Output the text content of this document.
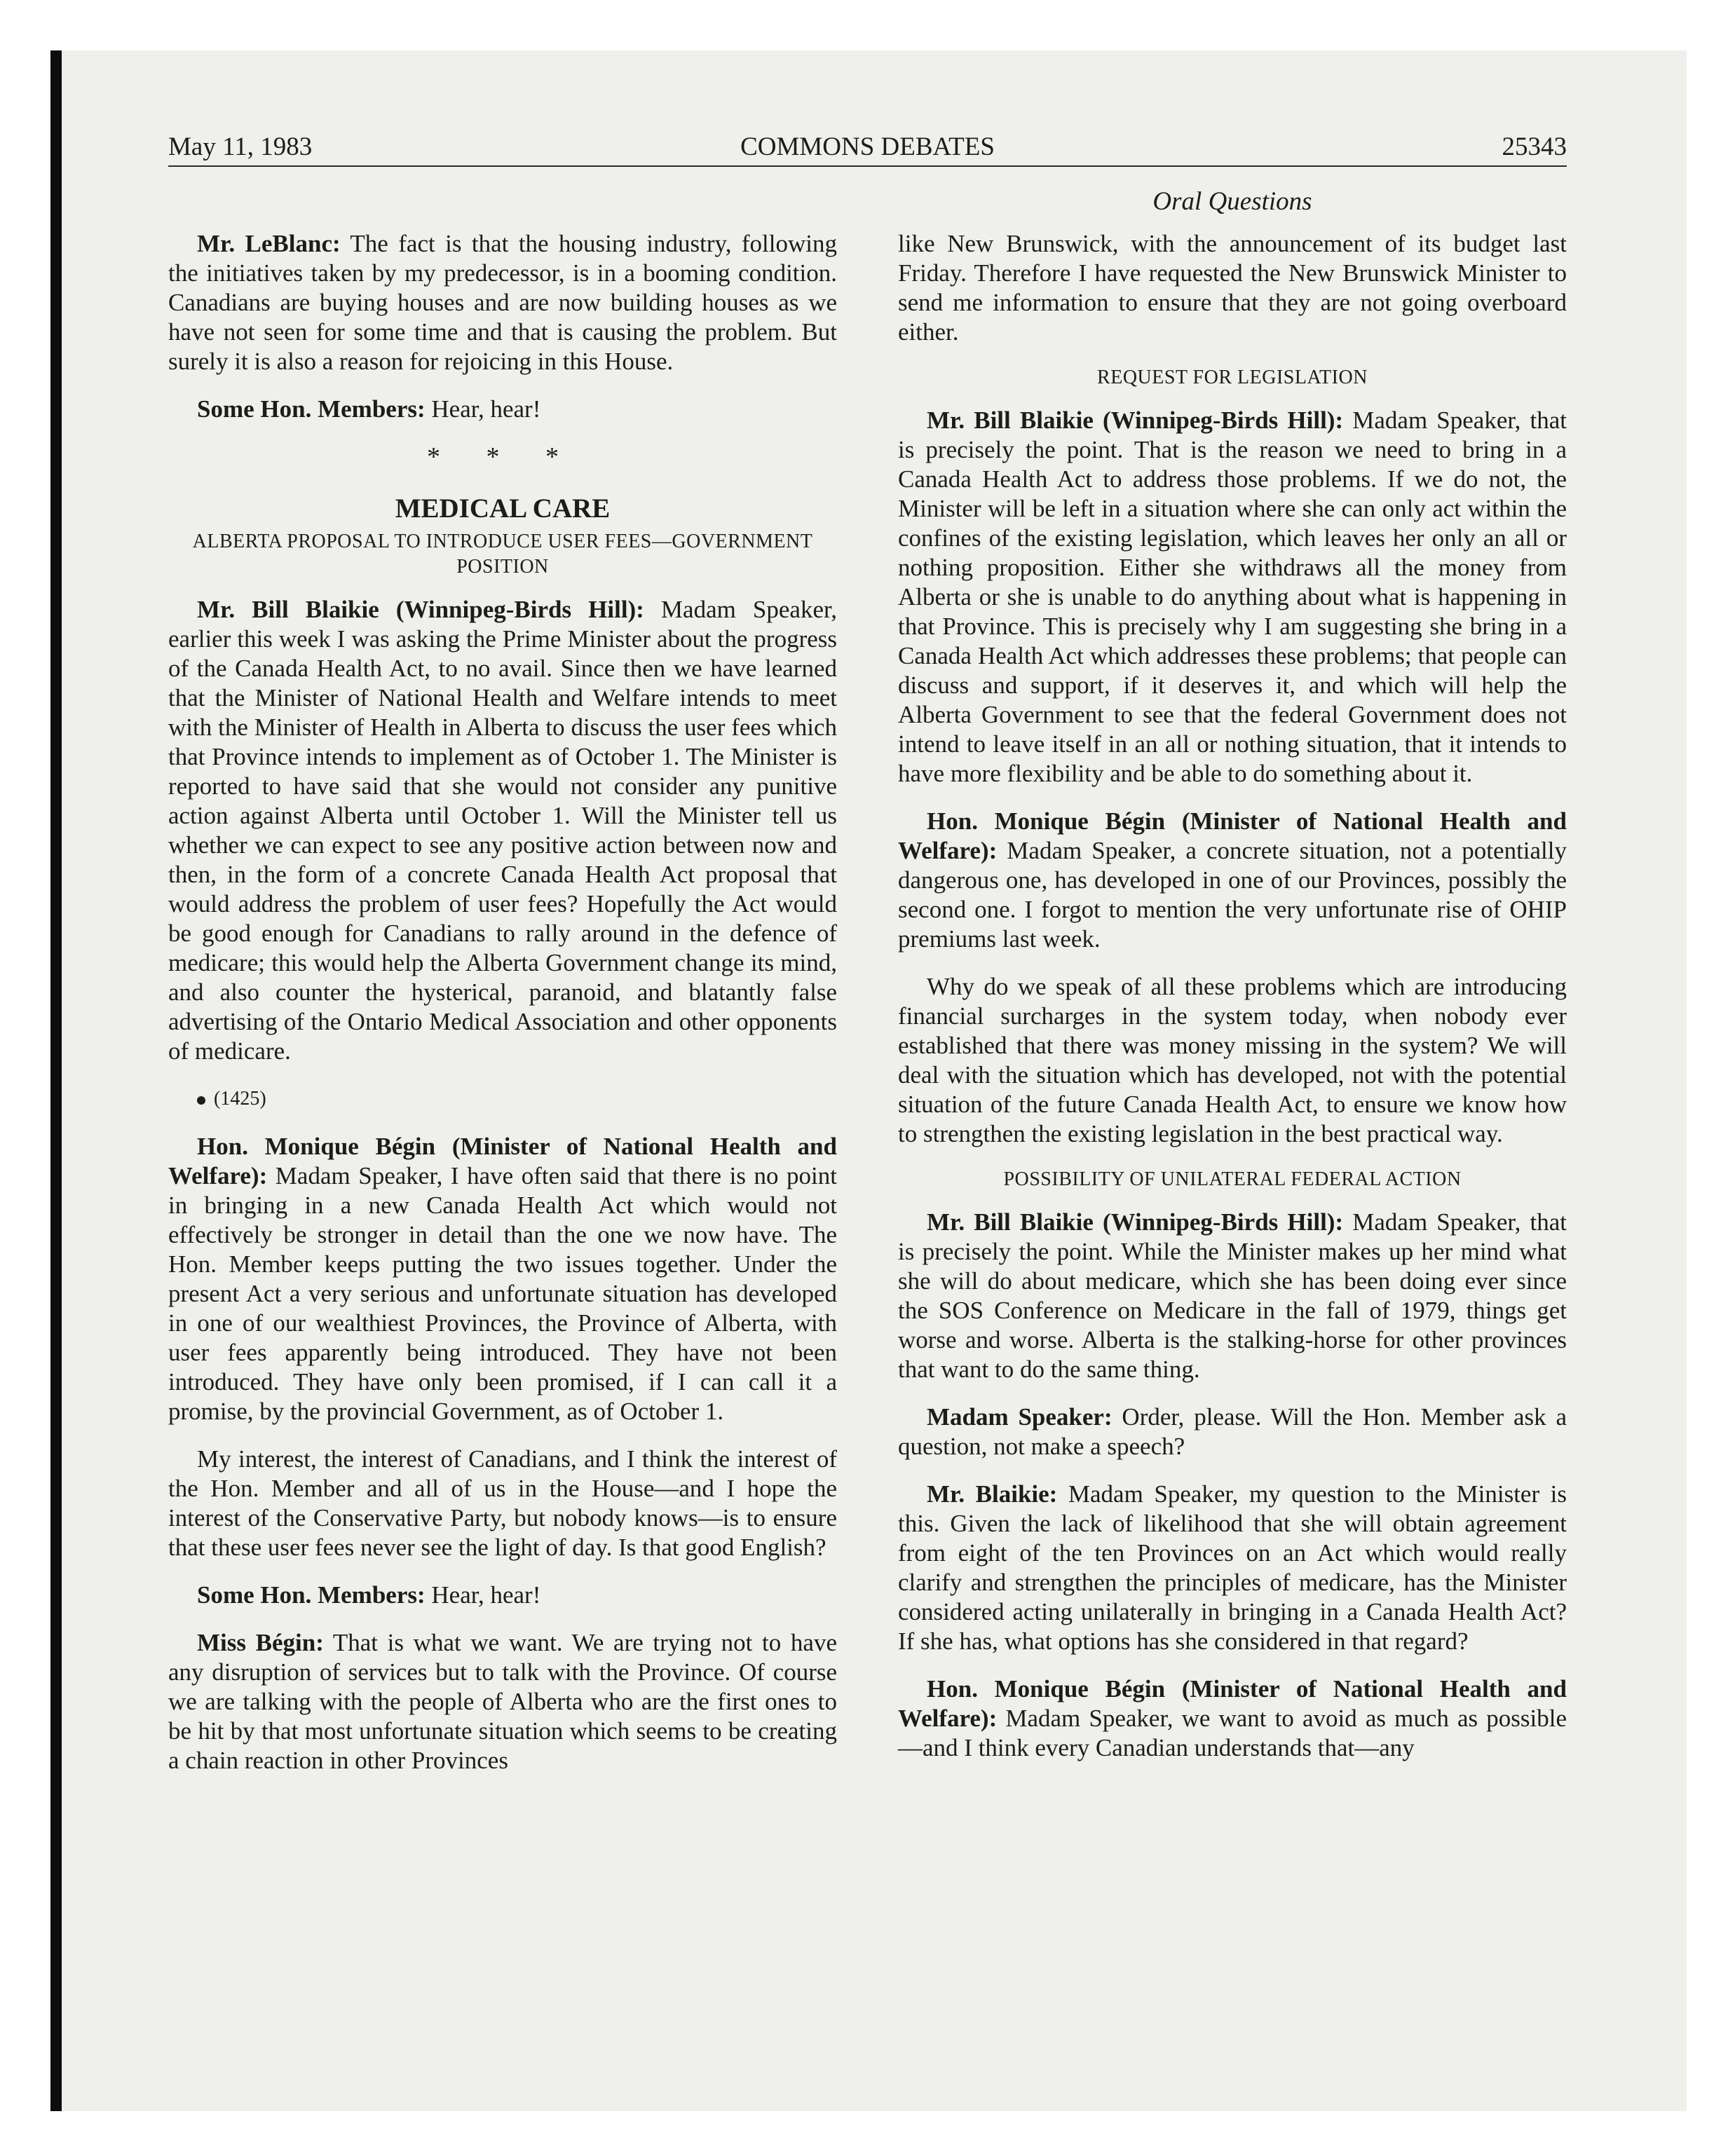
May 11, 1983	COMMONS DEBATES	25343
Oral Questions

Mr. LeBlanc: The fact is that the housing industry, following the initiatives taken by my predecessor, is in a booming condition. Canadians are buying houses and are now building houses as we have not seen for some time and that is causing the problem. But surely it is also a reason for rejoicing in this House.

Some Hon. Members: Hear, hear!

* * *
MEDICAL CARE
ALBERTA PROPOSAL TO INTRODUCE USER FEES—GOVERNMENT POSITION

Mr. Bill Blaikie (Winnipeg-Birds Hill): Madam Speaker, earlier this week I was asking the Prime Minister about the progress of the Canada Health Act, to no avail. Since then we have learned that the Minister of National Health and Welfare intends to meet with the Minister of Health in Alberta to discuss the user fees which that Province intends to implement as of October 1. The Minister is reported to have said that she would not consider any punitive action against Alberta until October 1. Will the Minister tell us whether we can expect to see any positive action between now and then, in the form of a concrete Canada Health Act proposal that would address the problem of user fees? Hopefully the Act would be good enough for Canadians to rally around in the defence of medicare; this would help the Alberta Government change its mind, and also counter the hysterical, paranoid, and blatantly false advertising of the Ontario Medical Association and other opponents of medicare.

(1425)

Hon. Monique Bégin (Minister of National Health and Welfare): Madam Speaker, I have often said that there is no point in bringing in a new Canada Health Act which would not effectively be stronger in detail than the one we now have. The Hon. Member keeps putting the two issues together. Under the present Act a very serious and unfortunate situation has developed in one of our wealthiest Provinces, the Province of Alberta, with user fees apparently being introduced. They have not been introduced. They have only been promised, if I can call it a promise, by the provincial Government, as of October 1.

My interest, the interest of Canadians, and I think the interest of the Hon. Member and all of us in the House—and I hope the interest of the Conservative Party, but nobody knows—is to ensure that these user fees never see the light of day. Is that good English?

Some Hon. Members: Hear, hear!

Miss Bégin: That is what we want. We are trying not to have any disruption of services but to talk with the Province. Of course we are talking with the people of Alberta who are the first ones to be hit by that most unfortunate situation which seems to be creating a chain reaction in other Provinces

like New Brunswick, with the announcement of its budget last Friday. Therefore I have requested the New Brunswick Minister to send me information to ensure that they are not going overboard either.

REQUEST FOR LEGISLATION

Mr. Bill Blaikie (Winnipeg-Birds Hill): Madam Speaker, that is precisely the point. That is the reason we need to bring in a Canada Health Act to address those problems. If we do not, the Minister will be left in a situation where she can only act within the confines of the existing legislation, which leaves her only an all or nothing proposition. Either she withdraws all the money from Alberta or she is unable to do anything about what is happening in that Province. This is precisely why I am suggesting she bring in a Canada Health Act which addresses these problems; that people can discuss and support, if it deserves it, and which will help the Alberta Government to see that the federal Government does not intend to leave itself in an all or nothing situation, that it intends to have more flexibility and be able to do something about it.

Hon. Monique Bégin (Minister of National Health and Welfare): Madam Speaker, a concrete situation, not a potentially dangerous one, has developed in one of our Provinces, possibly the second one. I forgot to mention the very unfortunate rise of OHIP premiums last week.

Why do we speak of all these problems which are introducing financial surcharges in the system today, when nobody ever established that there was money missing in the system? We will deal with the situation which has developed, not with the potential situation of the future Canada Health Act, to ensure we know how to strengthen the existing legislation in the best practical way.

POSSIBILITY OF UNILATERAL FEDERAL ACTION

Mr. Bill Blaikie (Winnipeg-Birds Hill): Madam Speaker, that is precisely the point. While the Minister makes up her mind what she will do about medicare, which she has been doing ever since the SOS Conference on Medicare in the fall of 1979, things get worse and worse. Alberta is the stalking-horse for other provinces that want to do the same thing.

Madam Speaker: Order, please. Will the Hon. Member ask a question, not make a speech?

Mr. Blaikie: Madam Speaker, my question to the Minister is this. Given the lack of likelihood that she will obtain agreement from eight of the ten Provinces on an Act which would really clarify and strengthen the principles of medicare, has the Minister considered acting unilaterally in bringing in a Canada Health Act? If she has, what options has she considered in that regard?

Hon. Monique Bégin (Minister of National Health and Welfare): Madam Speaker, we want to avoid as much as possible—and I think every Canadian understands that—any
